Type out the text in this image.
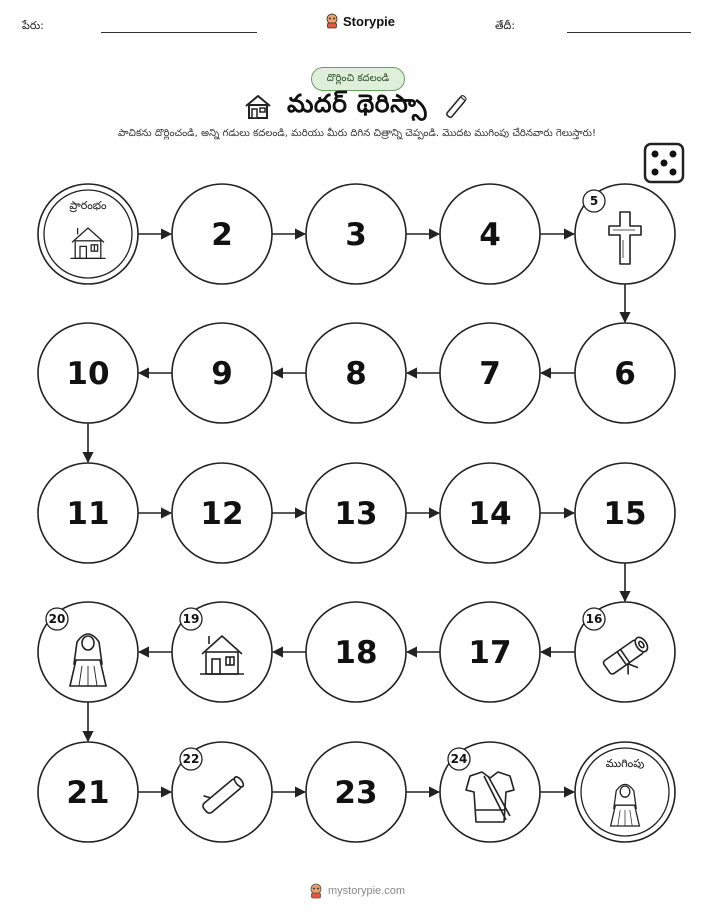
పేరు:	Storypie	తేదీ:
దొర్లించి కదలండి
మదర్ థెరిస్సా
పాచికను దొర్లించండి, అన్ని గడులు కదలండి, మరియు మీరు దిగిన చిత్రాన్ని చెప్పండి. మొదట ముగింపు చేరినవారు గెలుస్తారు!
ప్రారంభం
2	3	4
5
6
7
8
9
10
11	12	13	14	15
16
17
18
19
20
21
22
23
24	ముగింపు
mystorypie.com
